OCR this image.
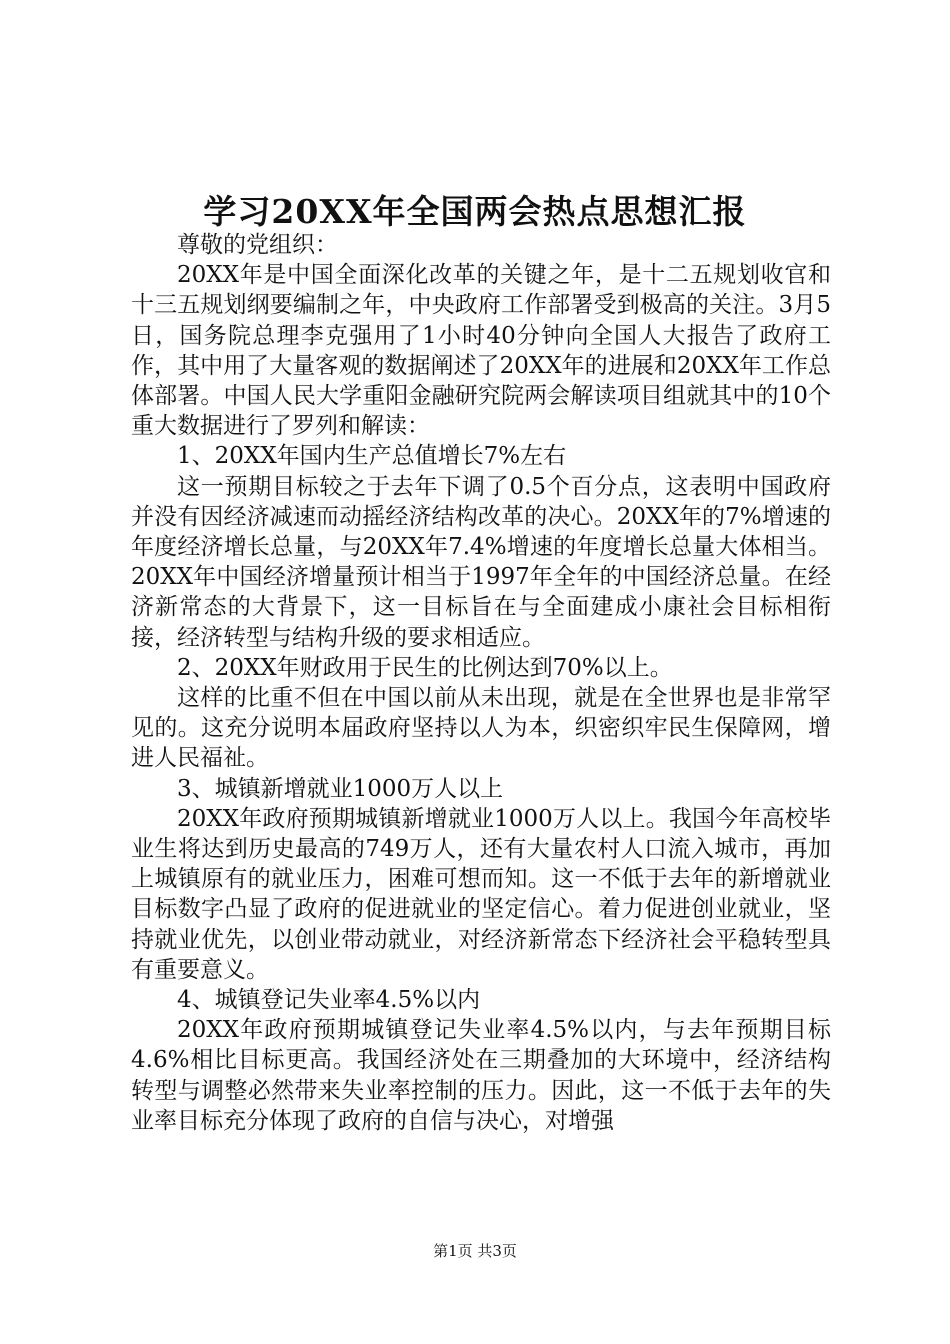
学习20XX年全国两会热点思想汇报

尊敬的党组织：

20XX年是中国全面深化改革的关键之年，是十二五规划收官和十三五规划纲要编制之年，中央政府工作部署受到极高的关注。3月5日，国务院总理李克强用了1小时40分钟向全国人大报告了政府工作，其中用了大量客观的数据阐述了20XX年的进展和20XX年工作总体部署。中国人民大学重阳金融研究院两会解读项目组就其中的10个重大数据进行了罗列和解读：

1、20XX年国内生产总值增长7%左右

这一预期目标较之于去年下调了0.5个百分点，这表明中国政府并没有因经济减速而动摇经济结构改革的决心。20XX年的7%增速的年度经济增长总量，与20XX年7.4%增速的年度增长总量大体相当。20XX年中国经济增量预计相当于1997年全年的中国经济总量。在经济新常态的大背景下，这一目标旨在与全面建成小康社会目标相衔接，经济转型与结构升级的要求相适应。

2、20XX年财政用于民生的比例达到70%以上。

这样的比重不但在中国以前从未出现，就是在全世界也是非常罕见的。这充分说明本届政府坚持以人为本，织密织牢民生保障网，增进人民福祉。

3、城镇新增就业1000万人以上

20XX年政府预期城镇新增就业1000万人以上。我国今年高校毕业生将达到历史最高的749万人，还有大量农村人口流入城市，再加上城镇原有的就业压力，困难可想而知。这一不低于去年的新增就业目标数字凸显了政府的促进就业的坚定信心。着力促进创业就业，坚持就业优先，以创业带动就业，对经济新常态下经济社会平稳转型具有重要意义。

4、城镇登记失业率4.5%以内

20XX年政府预期城镇登记失业率4.5%以内，与去年预期目标4.6%相比目标更高。我国经济处在三期叠加的大环境中，经济结构转型与调整必然带来失业率控制的压力。因此，这一不低于去年的失业率目标充分体现了政府的自信与决心，对增强

第1页 共3页
